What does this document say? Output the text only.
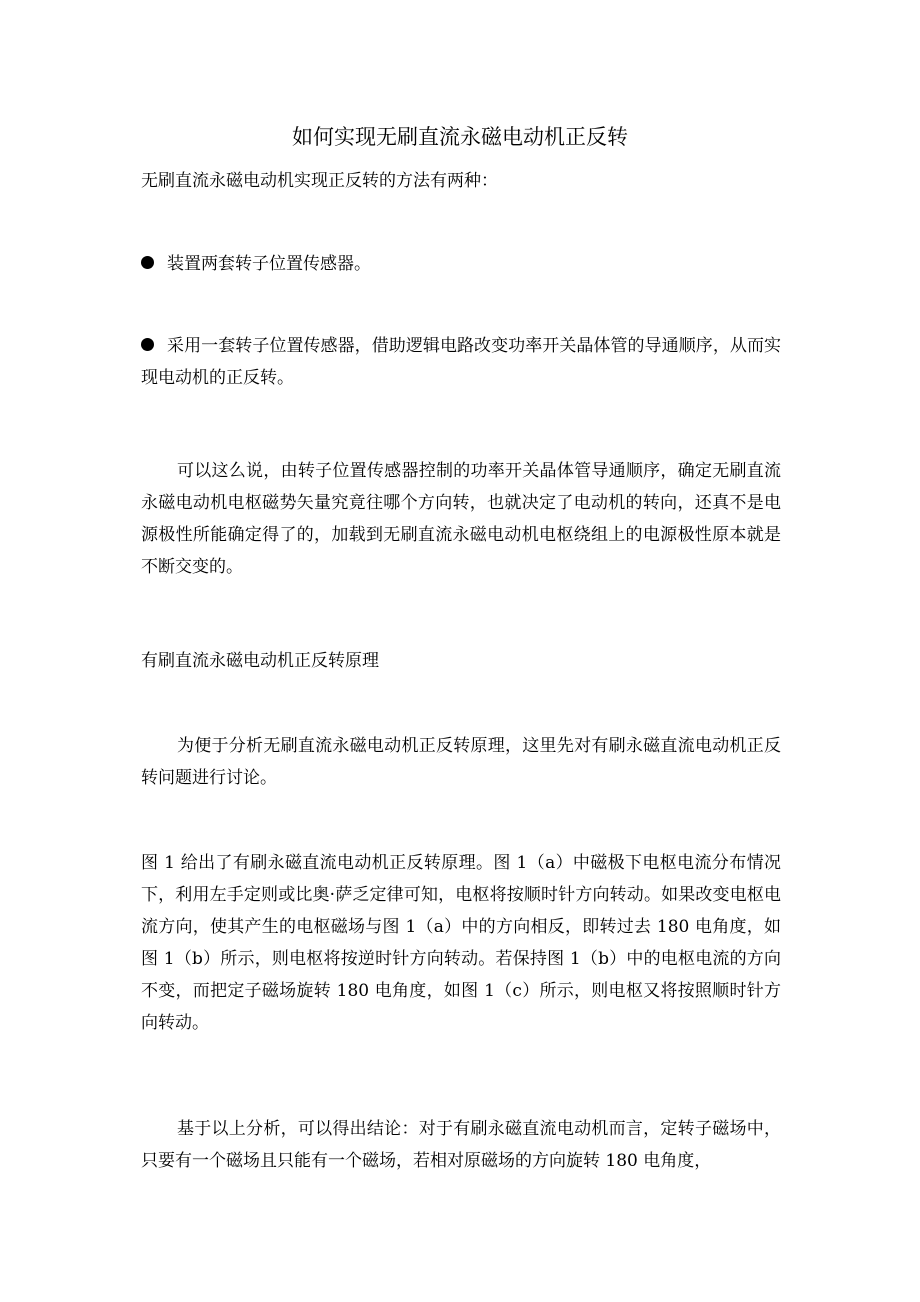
如何实现无刷直流永磁电动机正反转

无刷直流永磁电动机实现正反转的方法有两种：

装置两套转子位置传感器。
采用一套转子位置传感器，借助逻辑电路改变功率开关晶体管的导通顺序，从而实现电动机的正反转。

可以这么说，由转子位置传感器控制的功率开关晶体管导通顺序，确定无刷直流永磁电动机电枢磁势矢量究竟往哪个方向转，也就决定了电动机的转向，还真不是电源极性所能确定得了的，加载到无刷直流永磁电动机电枢绕组上的电源极性原本就是不断交变的。

有刷直流永磁电动机正反转原理

为便于分析无刷直流永磁电动机正反转原理，这里先对有刷永磁直流电动机正反转问题进行讨论。

图 1 给出了有刷永磁直流电动机正反转原理。图 1（a）中磁极下电枢电流分布情况下，利用左手定则或比奥·萨乏定律可知，电枢将按顺时针方向转动。如果改变电枢电流方向，使其产生的电枢磁场与图 1（a）中的方向相反，即转过去 180 电角度，如图 1（b）所示，则电枢将按逆时针方向转动。若保持图 1（b）中的电枢电流的方向不变，而把定子磁场旋转 180 电角度，如图 1（c）所示，则电枢又将按照顺时针方向转动。

基于以上分析，可以得出结论：对于有刷永磁直流电动机而言，定转子磁场中，只要有一个磁场且只能有一个磁场，若相对原磁场的方向旋转 180 电角度，
